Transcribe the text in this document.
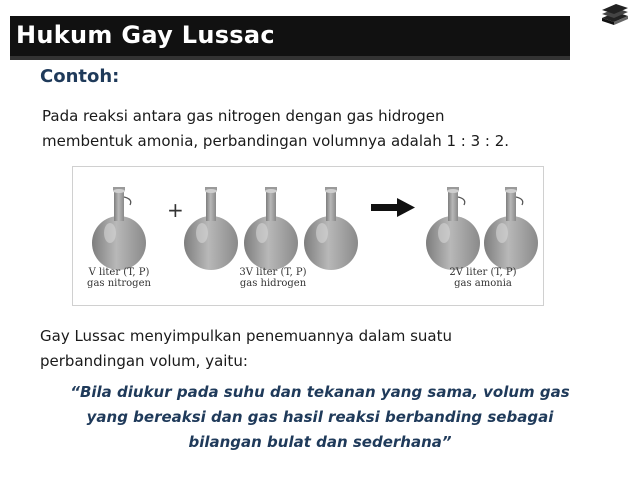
Hukum Gay Lussac
Contoh:
Pada reaksi antara gas nitrogen dengan gas hidrogen
membentuk amonia, perbandingan volumnya adalah 1 : 3 : 2.
+
V liter (T, P)
gas nitrogen
3V liter (T, P)
gas hidrogen
2V liter (T, P)
gas amonia
Gay Lussac menyimpulkan penemuannya dalam suatu
perbandingan volum, yaitu:
“Bila diukur pada suhu dan tekanan yang sama, volum gas
yang bereaksi dan gas hasil reaksi berbanding sebagai
bilangan bulat dan sederhana”
